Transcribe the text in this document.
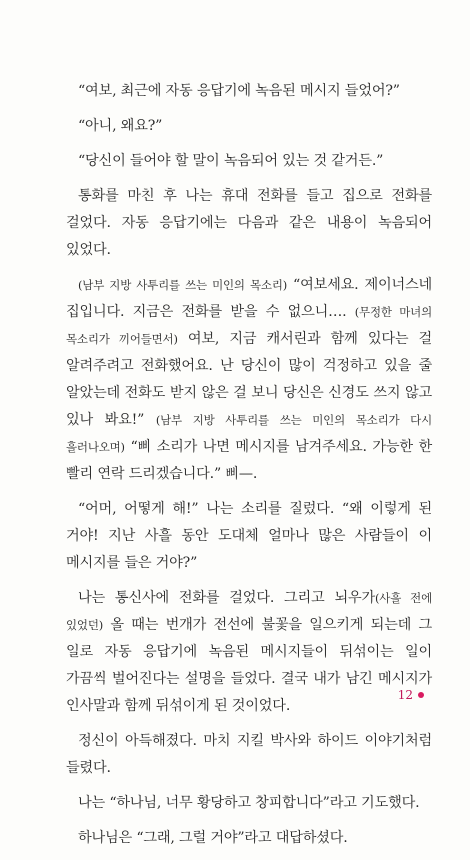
“여보, 최근에 자동 응답기에 녹음된 메시지 들었어?”

“아니, 왜요?”

“당신이 들어야 할 말이 녹음되어 있는 것 같거든.”

통화를 마친 후 나는 휴대 전화를 들고 집으로 전화를 걸었다. 자동 응답기에는 다음과 같은 내용이 녹음되어 있었다.

(남부 지방 사투리를 쓰는 미인의 목소리) “여보세요. 제이너스네 집입니다. 지금은 전화를 받을 수 없으니…. (무정한 마녀의 목소리가 끼어들면서) 여보, 지금 캐서린과 함께 있다는 걸 알려주려고 전화했어요. 난 당신이 많이 걱정하고 있을 줄 알았는데 전화도 받지 않은 걸 보니 당신은 신경도 쓰지 않고 있나 봐요!” (남부 지방 사투리를 쓰는 미인의 목소리가 다시 흘러나오며) “삐 소리가 나면 메시지를 남겨주세요. 가능한 한 빨리 연락 드리겠습니다.” 삐—.

“어머, 어떻게 해!” 나는 소리를 질렀다. “왜 이렇게 된 거야! 지난 사흘 동안 도대체 얼마나 많은 사람들이 이 메시지를 들은 거야?”

나는 통신사에 전화를 걸었다. 그리고 뇌우가(사흘 전에 있었던) 올 때는 번개가 전선에 불꽃을 일으키게 되는데 그 일로 자동 응답기에 녹음된 메시지들이 뒤섞이는 일이 가끔씩 벌어진다는 설명을 들었다. 결국 내가 남긴 메시지가 인사말과 함께 뒤섞이게 된 것이었다.

정신이 아득해졌다. 마치 지킬 박사와 하이드 이야기처럼 들렸다.

나는 “하나님, 너무 황당하고 창피합니다”라고 기도했다.

하나님은 “그래, 그럴 거야”라고 대답하셨다.

12
